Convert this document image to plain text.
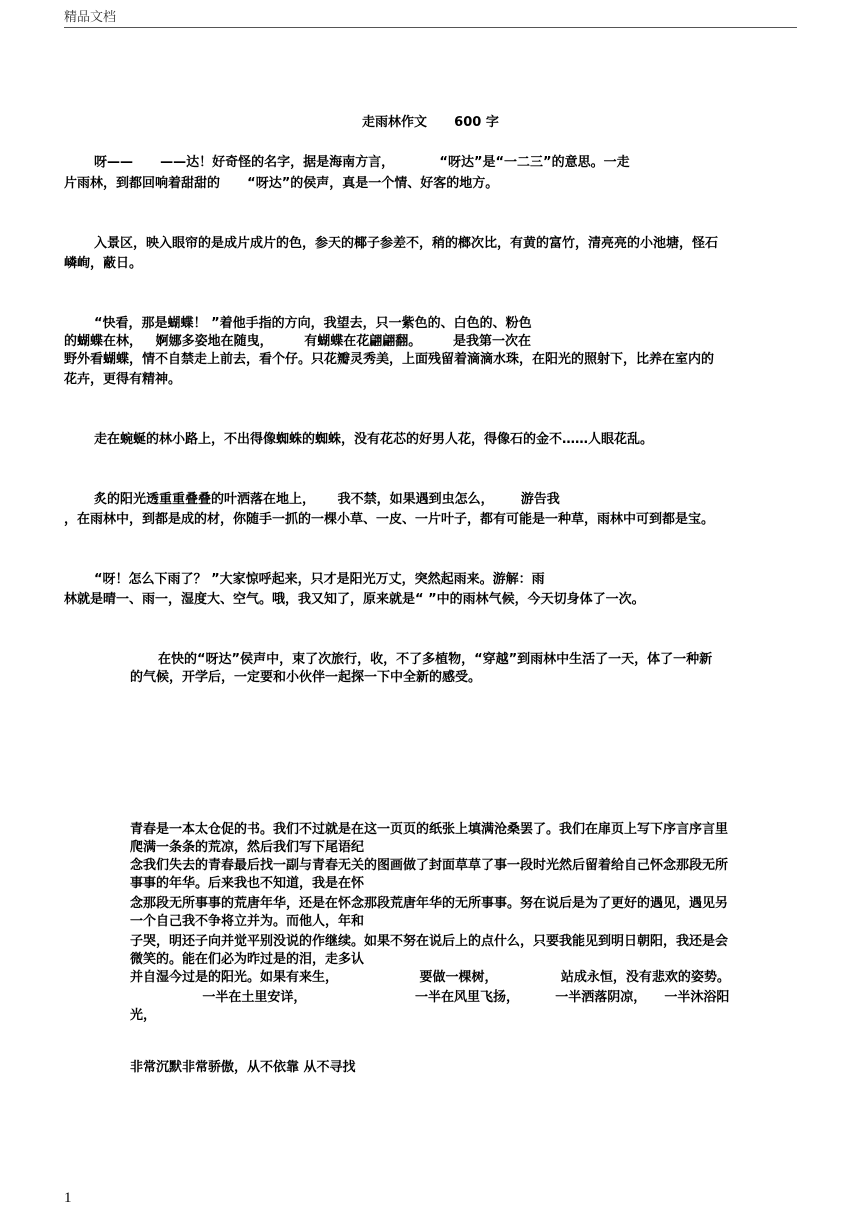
精品文档
走雨林作文      600 字
呀——      ——达！好奇怪的名字，据是海南方言，          “呀达”是“一二三”的意思。一走
片雨林，到都回响着甜甜的      “呀达”的侯声，真是一个情、好客的地方。
入景区，映入眼帘的是成片成片的色，参天的椰子参差不，稍的榔次比，有黄的富竹，清亮亮的小池塘，怪石
嶙峋，蔽日。
“快看，那是蝴蝶！ ”着他手指的方向，我望去，只一紫色的、白色的、粉色
的蝴蝶在林，   婀娜多姿地在随曳，       有蝴蝶在花翩翩翻。       是我第一次在
野外看蝴蝶，情不自禁走上前去，看个仔。只花瓣灵秀美，上面残留着滴滴水珠，在阳光的照射下，比养在室内的
花卉，更得有精神。
走在蜿蜒的林小路上，不出得像蜘蛛的蜘蛛，没有花芯的好男人花，得像石的金不……人眼花乱。
炙的阳光透重重叠叠的叶洒落在地上，     我不禁，如果遇到虫怎么，      游告我
，在雨林中，到都是成的材，你随手一抓的一棵小草、一皮、一片叶子，都有可能是一种草，雨林中可到都是宝。
“呀！怎么下雨了？ ”大家惊呼起来，只才是阳光万丈，突然起雨来。游解：雨
林就是晴一、雨一，湿度大、空气。哦，我又知了，原来就是“ ”中的雨林气候，今天切身体了一次。
在快的“呀达”侯声中，束了次旅行，收，不了多植物，“穿越”到雨林中生活了一天，体了一种新
的气候，开学后，一定要和小伙伴一起探一下中全新的感受。
青春是一本太仓促的书。我们不过就是在这一页页的纸张上填满沧桑罢了。我们在扉页上写下序言序言里
爬满一条条的荒凉，然后我们写下尾语纪
念我们失去的青春最后找一副与青春无关的图画做了封面草草了事一段时光然后留着给自己怀念那段无所
事事的年华。后来我也不知道，我是在怀
念那段无所事事的荒唐年华，还是在怀念那段荒唐年华的无所事事。努在说后是为了更好的遇见，遇见另
一个自己我不争将立并为。而他人，年和
子哭，明还子向并觉平别没说的作继续。如果不努在说后上的点什么，只要我能见到明日朝阳，我还是会
微笑的。能在们必为昨过是的泪，走多认
并自湿今过是的阳光。如果有来生，                  要做一棵树，              站成永恒，没有悲欢的姿势。
一半在土里安详，                        一半在风里飞扬，        一半洒落阴凉，    一半沐浴阳
光，
非常沉默非常骄傲，从不依靠 从不寻找
1
